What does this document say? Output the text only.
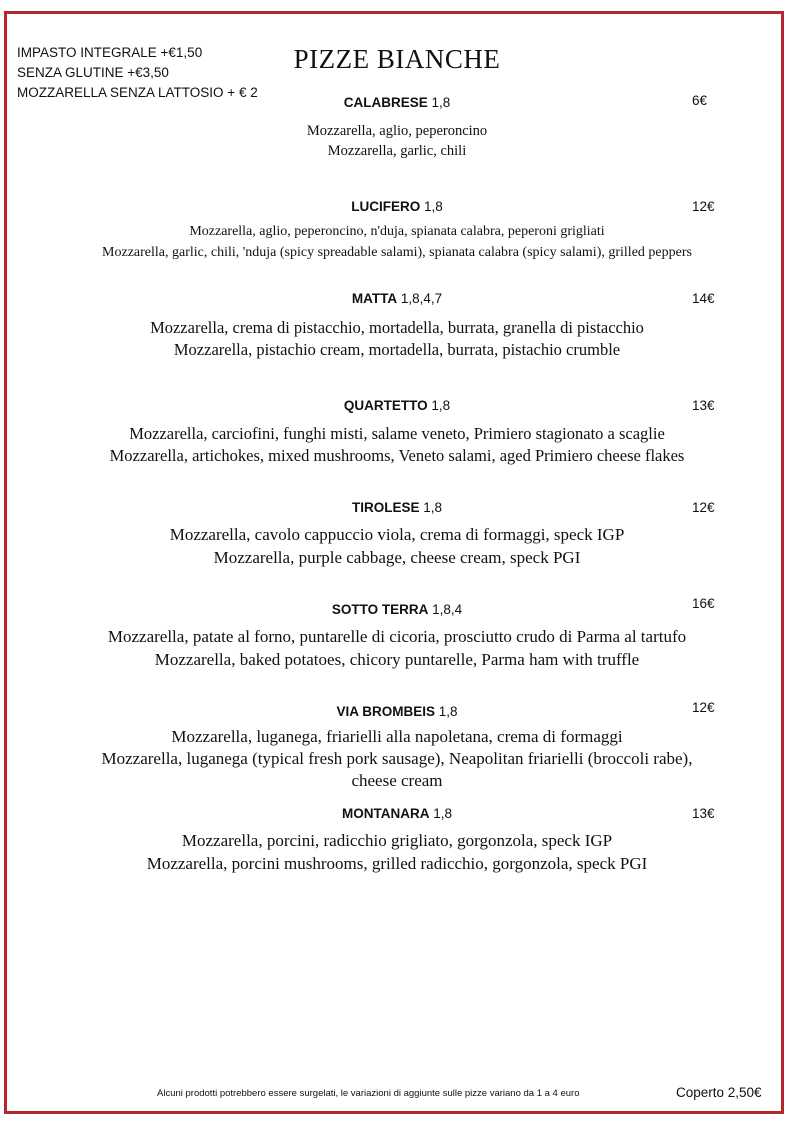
IMPASTO INTEGRALE +€1,50
SENZA GLUTINE +€3,50
MOZZARELLA SENZA LATTOSIO + € 2
PIZZE BIANCHE
CALABRESE 1,8	6€
Mozzarella, aglio, peperoncino
Mozzarella, garlic, chili
LUCIFERO 1,8	12€
Mozzarella, aglio, peperoncino, n'duja, spianata calabra, peperoni grigliati
Mozzarella, garlic, chili, 'nduja (spicy spreadable salami), spianata calabra (spicy salami), grilled peppers
MATTA 1,8,4,7	14€
Mozzarella, crema di pistacchio, mortadella, burrata, granella di pistacchio
Mozzarella, pistachio cream, mortadella, burrata, pistachio crumble
QUARTETTO 1,8	13€
Mozzarella, carciofini, funghi misti, salame veneto, Primiero stagionato a scaglie
Mozzarella, artichokes, mixed mushrooms, Veneto salami, aged Primiero cheese flakes
TIROLESE 1,8	12€
Mozzarella, cavolo cappuccio viola, crema di formaggi, speck IGP
Mozzarella, purple cabbage, cheese cream, speck PGI
SOTTO TERRA 1,8,4	16€
Mozzarella, patate al forno, puntarelle di cicoria, prosciutto crudo di Parma al tartufo
Mozzarella, baked potatoes, chicory puntarelle, Parma ham with truffle
VIA BROMBEIS 1,8	12€
Mozzarella, luganega, friarielli alla napoletana, crema di formaggi
Mozzarella, luganega (typical fresh pork sausage), Neapolitan friarielli (broccoli rabe),
cheese cream
MONTANARA 1,8	13€
Mozzarella, porcini, radicchio grigliato, gorgonzola, speck IGP
Mozzarella, porcini mushrooms, grilled radicchio, gorgonzola, speck PGI
Alcuni prodotti potrebbero essere surgelati, le variazioni di aggiunte sulle pizze variano da 1 a 4 euro	Coperto 2,50€
